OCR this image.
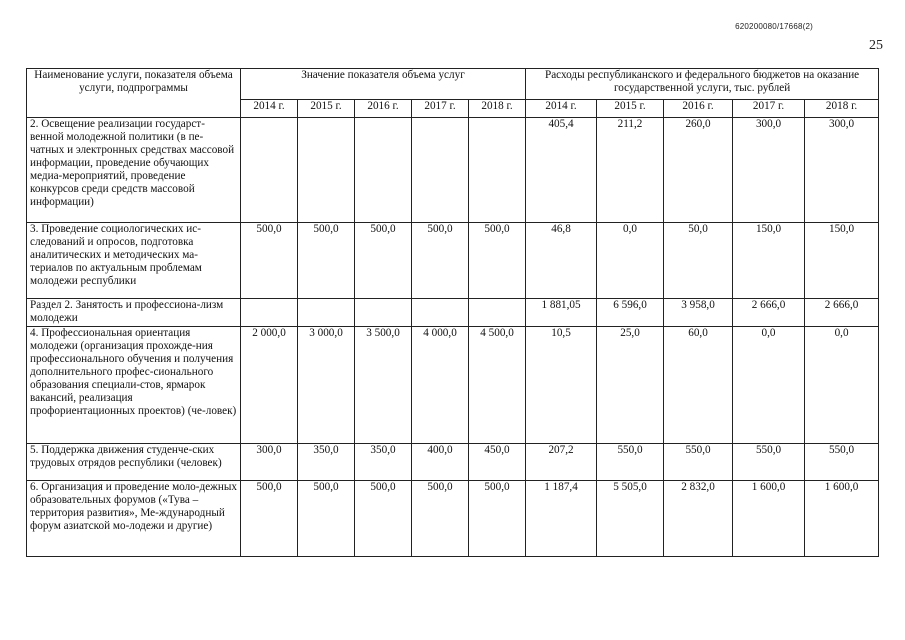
620200080/17668(2)
25
Наименование услуги, показателя объема услуги, подпрограммы	Значение показателя объема услуг					Расходы республиканского и федерального бюджетов на оказание государственной услуги, тыс. рублей				
	2014 г.	2015 г.	2016 г.	2017 г.	2018 г.	2014 г.	2015 г.	2016 г.	2017 г.	2018 г.
2. Освещение реализации государст-венной молодежной политики (в пе-чатных и электронных средствах массовой информации, проведение обучающих медиа-мероприятий, проведение конкурсов среди средств массовой информации)						405,4	211,2	260,0	300,0	300,0
3. Проведение социологических ис-следований и опросов, подготовка аналитических и методических ма-териалов по актуальным проблемам молодежи республики	500,0	500,0	500,0	500,0	500,0	46,8	0,0	50,0	150,0	150,0
Раздел 2. Занятость и профессиона-лизм молодежи						1 881,05	6 596,0	3 958,0	2 666,0	2 666,0
4. Профессиональная ориентация молодежи (организация прохожде-ния профессионального обучения и получения дополнительного профес-сионального образования специали-стов, ярмарок вакансий, реализация профориентационных проектов) (че-ловек)	2 000,0	3 000,0	3 500,0	4 000,0	4 500,0	10,5	25,0	60,0	0,0	0,0
5. Поддержка движения студенче-ских трудовых отрядов республики (человек)	300,0	350,0	350,0	400,0	450,0	207,2	550,0	550,0	550,0	550,0
6. Организация и проведение моло-дежных образовательных форумов («Тува – территория развития», Ме-ждународный форум азиатской мо-лодежи и другие)	500,0	500,0	500,0	500,0	500,0	1 187,4	5 505,0	2 832,0	1 600,0	1 600,0
